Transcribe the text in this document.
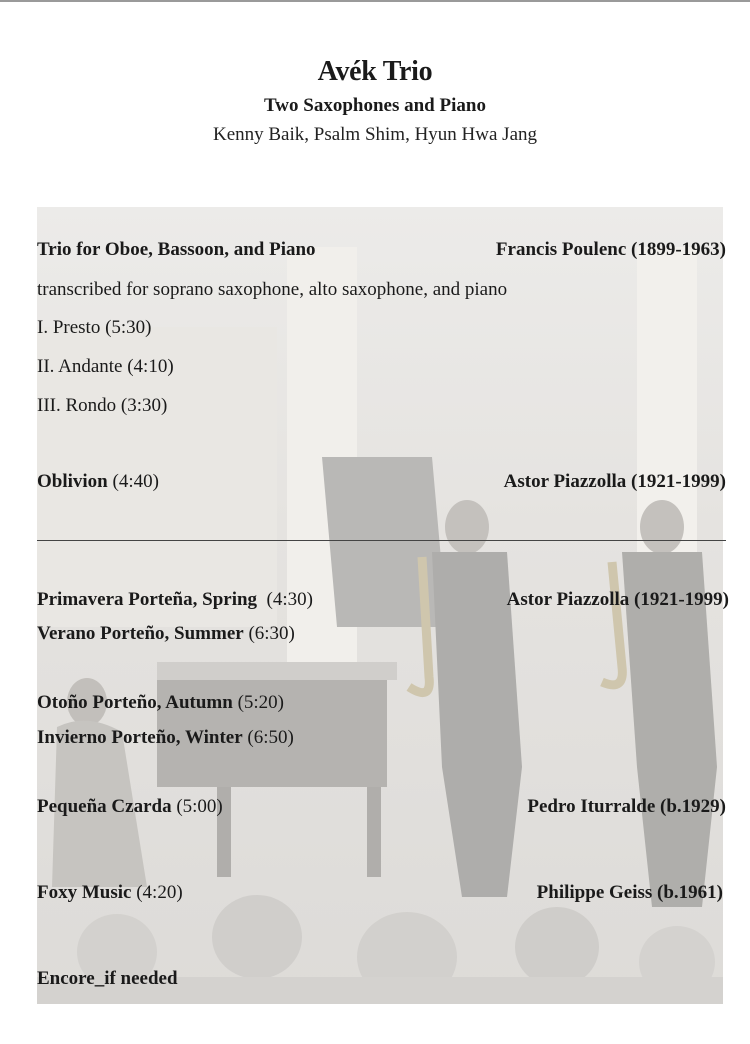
Avék Trio
Two Saxophones and Piano
Kenny Baik, Psalm Shim, Hyun Hwa Jang
Trio for Oboe, Bassoon, and Piano	Francis Poulenc (1899-1963)
transcribed for soprano saxophone, alto saxophone, and piano
I. Presto (5:30)
II. Andante (4:10)
III. Rondo (3:30)
Oblivion (4:40)	Astor Piazzolla (1921-1999)
Primavera Porteña, Spring (4:30)	Astor Piazzolla (1921-1999)
Verano Porteño, Summer (6:30)
Otoño Porteño, Autumn (5:20)
Invierno Porteño, Winter (6:50)
Pequeña Czarda (5:00)	Pedro Iturralde (b.1929)
Foxy Music (4:20)	Philippe Geiss (b.1961)
Encore_if needed
